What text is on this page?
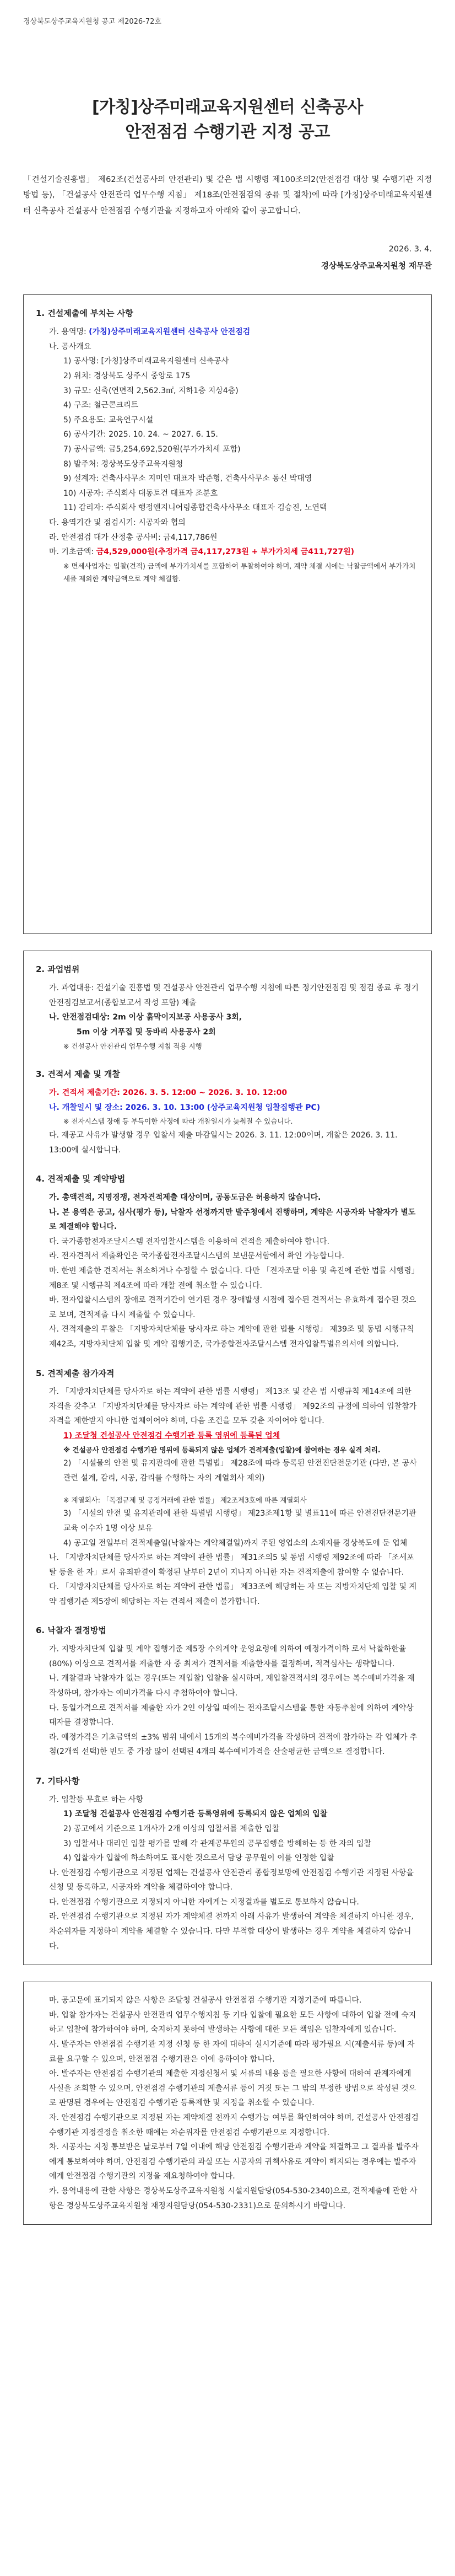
경상북도상주교육지원청 공고 제2026-72호
[가칭]상주미래교육지원센터 신축공사
안전점검 수행기관 지정 공고

「건설기술진흥법」 제62조(건설공사의 안전관리) 및 같은 법 시행령 제100조의2(안전점검 대상 및 수행기관 지정 방법 등), 「건설공사 안전관리 업무수행 지침」 제18조(안전점검의 종류 및 절차)에 따라 [가칭]상주미래교육지원센터 신축공사 건설공사 안전점검 수행기관을 지정하고자 아래와 같이 공고합니다.

2026. 3. 4.
경상북도상주교육지원청 재무관
1. 건설제출에 부치는 사항
가. 용역명: (가칭)상주미래교육지원센터 신축공사 안전점검
나. 공사개요
1) 공사명: [가칭]상주미래교육지원센터 신축공사
2) 위치: 경상북도 상주시 중앙로 175
3) 규모: 신축(연면적 2,562.3㎡, 지하1층 지상4층)
4) 구조: 철근콘크리트
5) 주요용도: 교육연구시설
6) 공사기간: 2025. 10. 24. ~ 2027. 6. 15.
7) 공사금액: 금5,254,692,520원(부가가치세 포함)
8) 발주처: 경상북도상주교육지원청
9) 설계자: 건축사사무소 지미인 대표자 박준형, 건축사사무소 동신 박대영
10) 시공자: 주식회사 대동토건 대표자 조분호
11) 감리자: 주식회사 행정엔지니어링종합건축사사무소 대표자 김승진, 노연택
다. 용역기간 및 점검시기: 시공자와 협의
라. 안전점검 대가 산정총 공사비: 금4,117,786원
마. 기초금액: 금4,529,000원(추정가격 금4,117,273원 + 부가가치세 금411,727원)
※ 면세사업자는 입찰(견적) 금액에 부가가치세를 포함하여 투찰하여야 하며, 계약 체결 시에는 낙찰금액에서 부가가치세를 제외한 계약금액으로 계약 체결함.
2. 과업범위
가. 과업대용: 건설기술 진흥법 및 건설공사 안전관리 업무수행 지침에 따른 정기안전점검 및 점검 종료 후 정기안전점검보고서(종합보고서 작성 포함) 제출
나. 안전점검대상: 2m 이상 흙막이지보공 사용공사 3회,
5m 이상 거푸집 및 동바리 사용공사 2회
※ 건설공사 안전관리 업무수행 지침 적용 시행
3. 견적서 제출 및 개찰
가. 견적서 제출기간: 2026. 3. 5. 12:00 ~ 2026. 3. 10. 12:00
나. 개찰일시 및 장소: 2026. 3. 10. 13:00 (상주교육지원청 입찰집행관 PC)
※ 전자시스템 장애 등 부득이한 사정에 따라 개찰일시가 늦춰질 수 있습니다.
다. 재공고 사유가 발생할 경우 입찰서 제출 마감일시는 2026. 3. 11. 12:00이며, 개찰은 2026. 3. 11. 13:00에 실시합니다.
4. 견적제출 및 계약방법
가. 총액견적, 지명경쟁, 전자견적제출 대상이며, 공동도급은 허용하지 않습니다.
나. 본 용역은 공고, 심사(평가 등), 낙찰자 선정까지만 발주청에서 진행하며, 계약은 시공자와 낙찰자가 별도로 체결해야 합니다.
다. 국가종합전자조달시스템 전자입찰시스템을 이용하여 견적을 제출하여야 합니다.
라. 전자견적서 제출확인은 국가종합전자조달시스템의 보낸문서함에서 확인 가능합니다.
마. 한번 제출한 견적서는 취소하거나 수정할 수 없습니다. 다만 「전자조달 이용 및 촉진에 관한 법률 시행령」 제8조 및 시행규칙 제4조에 따라 개찰 전에 취소할 수 있습니다.
바. 전자입찰시스템의 장애로 견적기간이 연기된 경우 장애발생 시점에 접수된 견적서는 유효하게 접수된 것으로 보며, 견적제출 다시 제출할 수 있습니다.
사. 견적제출의 투찰은 「지방자치단체를 당사자로 하는 계약에 관한 법률 시행령」 제39조 및 동법 시행규칙 제42조, 지방자치단체 입찰 및 계약 집행기준, 국가종합전자조달시스템 전자입찰특별유의서에 의합니다.
5. 견적제출 참가자격
가. 「지방자치단체를 당사자로 하는 계약에 관한 법률 시행령」 제13조 및 같은 법 시행규칙 제14조에 의한 자격을 갖추고 「지방자치단체를 당사자로 하는 계약에 관한 법률 시행령」 제92조의 규정에 의하여 입찰참가자격을 제한받지 아니한 업체이어야 하며, 다음 조건을 모두 갖춘 자이어야 합니다.
1) 조달청 건설공사 안전점검 수행기관 등록 영위에 등록된 업체
※ 건설공사 안전점검 수행기관 영위에 등록되지 않은 업체가 견적제출(입찰)에 참여하는 경우 실격 처리.
2) 「시설물의 안전 및 유지관리에 관한 특별법」 제28조에 따라 등록된 안전진단전문기관 (다만, 본 공사 관련 설계, 감리, 시공, 감리를 수행하는 자의 계열회사 제외)
※ 계열회사: 「독점규제 및 공정거래에 관한 법률」 제2조제3호에 따른 계열회사
3) 「시설의 안전 및 유지관리에 관한 특별법 시행령」 제23조제1항 및 별표11에 따른 안전진단전문기관 교육 이수자 1명 이상 보유
4) 공고일 전일부터 견적제출일(낙찰자는 계약체결일)까지 주된 영업소의 소재지를 경상북도에 둔 업체
나. 「지방자치단체를 당사자로 하는 계약에 관한 법률」 제31조의5 및 동법 시행령 제92조에 따라 「조세포탈 등을 한 자」로서 유죄판결이 확정된 날부터 2년이 지나지 아니한 자는 견적제출에 참여할 수 없습니다.
다. 「지방자치단체를 당사자로 하는 계약에 관한 법률」 제33조에 해당하는 자 또는 지방자치단체 입찰 및 계약 집행기준 제5장에 해당하는 자는 견적서 제출이 불가합니다.
6. 낙찰자 결정방법
가. 지방자치단체 입찰 및 계약 집행기준 제5장 수의계약 운영요령에 의하여 예정가격이하 로서 낙찰하한율(80%) 이상으로 견적서를 제출한 자 중 최저가 견적서를 제출한자를 결정하며, 적격심사는 생략합니다.
나. 개찰결과 낙찰자가 없는 경우(또는 재입찰) 입찰을 실시하며, 재입찰견적서의 경우에는 복수예비가격을 재작성하며, 참가자는 예비가격을 다시 추첨하여야 합니다.
다. 동일가격으로 견적서를 제출한 자가 2인 이상일 때에는 전자조달시스템을 통한 자동추첨에 의하여 계약상대자를 결정합니다.
라. 예정가격은 기초금액의 ±3% 범위 내에서 15개의 복수예비가격을 작성하며 견적에 참가하는 각 업체가 추첨(2개씩 선택)한 빈도 중 가장 많이 선택된 4개의 복수예비가격을 산술평균한 금액으로 결정합니다.
7. 기타사항
가. 입찰등 무효로 하는 사항
1) 조달청 건설공사 안전점검 수행기관 등록영위에 등록되지 않은 업체의 입찰
2) 공고에서 기준으로 1개사가 2개 이상의 입찰서를 제출한 입찰
3) 입찰서나 대리인 입찰 평가를 말해 각 관계공무원의 공무집행을 방해하는 등 한 자의 입찰
4) 입찰자가 입찰에 하소하여도 표시한 것으로서 담당 공무원이 이를 인정한 입찰
나. 안전점검 수행기관으로 지정된 업체는 건설공사 안전관리 종합정보망에 안전점검 수행기관 지정된 사항을 신청 및 등록하고, 시공자와 계약을 체결하여야 합니다.
다. 안전점검 수행기관으로 지정되지 아니한 자에게는 지정결과를 별도로 통보하지 않습니다.
라. 안전점검 수행기관으로 지정된 자가 계약체결 전까지 아래 사유가 발생하여 계약을 체결하지 아니한 경우, 차순위자를 지정하여 계약을 체결할 수 있습니다. 다만 부적합 대상이 발생하는 경우 계약을 체결하지 않습니다.
마. 공고문에 표기되지 않은 사항은 조달청 건설공사 안전점검 수행기관 지정기준에 따릅니다.
바. 입찰 참가자는 건설공사 안전관리 업무수행지침 등 기타 입찰에 필요한 모든 사항에 대하여 입찰 전에 숙지하고 입찰에 참가하여야 하며, 숙지하지 못하여 발생하는 사항에 대한 모든 책임은 입찰자에게 있습니다.
사. 발주자는 안전점검 수행기관 지정 신청 등 한 자에 대하여 실시기준에 따라 평가필요 시(제출서류 등)에 자료를 요구할 수 있으며, 안전점검 수행기관은 이에 응하여야 합니다.
아. 발주자는 안전점검 수행기관의 제출한 지정신청서 및 서류의 내용 등을 필요한 사항에 대하여 관계자에게 사실을 조회할 수 있으며, 안전점검 수행기관의 제출서류 등이 거짓 또는 그 밖의 부정한 방법으로 작성된 것으로 판명된 경우에는 안전점검 수행기관 등록제한 및 지정을 취소할 수 있습니다.
자. 안전점검 수행기관으로 지정된 자는 계약체결 전까지 수행가능 여부를 확인하여야 하며, 건설공사 안전점검 수행기관 지정결정을 취소한 때에는 차순위자를 안전점검 수행기관으로 지정합니다.
차. 시공자는 지정 통보받은 날로부터 7일 이내에 해당 안전점검 수행기관과 계약을 체결하고 그 결과를 발주자에게 통보하여야 하며, 안전점검 수행기관의 과실 또는 시공자의 귀책사유로 계약이 해지되는 경우에는 발주자에게 안전점검 수행기관의 지정을 재요청하여야 합니다.
카. 용역내용에 관한 사항은 경상북도상주교육지원청 시설지원담당(054-530-2340)으로, 견적제출에 관한 사항은 경상북도상주교육지원청 재정지원담당(054-530-2331)으로 문의하시기 바랍니다.
